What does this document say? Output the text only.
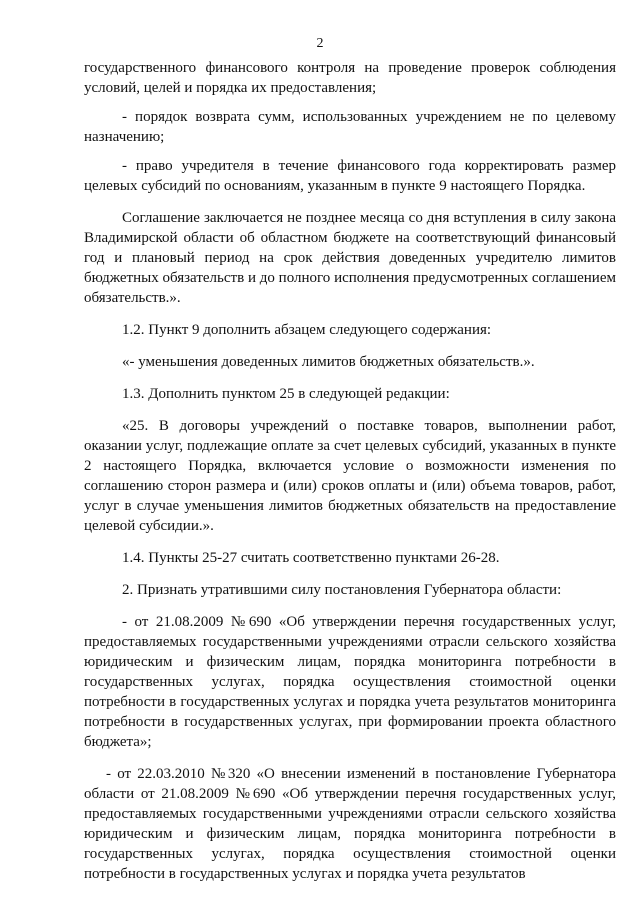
2

государственного финансового контроля на проведение проверок соблюдения условий, целей и порядка их предоставления;

- порядок возврата сумм, использованных учреждением не по целевому назначению;

- право учредителя в течение финансового года корректировать размер целевых субсидий по основаниям, указанным в пункте 9 настоящего Порядка.

Соглашение заключается не позднее месяца со дня вступления в силу закона Владимирской области об областном бюджете на соответствующий финансовый год и плановый период на срок действия доведенных учредителю лимитов бюджетных обязательств и до полного исполнения предусмотренных соглашением обязательств.».

1.2. Пункт 9 дополнить абзацем следующего содержания:

«- уменьшения доведенных лимитов бюджетных обязательств.».

1.3. Дополнить пунктом 25 в следующей редакции:

«25. В договоры учреждений о поставке товаров, выполнении работ, оказании услуг, подлежащие оплате за счет целевых субсидий, указанных в пункте 2 настоящего Порядка, включается условие о возможности изменения по соглашению сторон размера и (или) сроков оплаты и (или) объема товаров, работ, услуг в случае уменьшения лимитов бюджетных обязательств на предоставление целевой субсидии.».

1.4. Пункты 25-27 считать соответственно пунктами 26-28.

2. Признать утратившими силу постановления Губернатора области:

- от 21.08.2009 №690 «Об утверждении перечня государственных услуг, предоставляемых государственными учреждениями отрасли сельского хозяйства юридическим и физическим лицам, порядка мониторинга потребности в государственных услугах, порядка осуществления стоимостной оценки потребности в государственных услугах и порядка учета результатов мониторинга потребности в государственных услугах, при формировании проекта областного бюджета»;

- от 22.03.2010 №320 «О внесении изменений в постановление Губернатора области от 21.08.2009 №690 «Об утверждении перечня государственных услуг, предоставляемых государственными учреждениями отрасли сельского хозяйства юридическим и физическим лицам, порядка мониторинга потребности в государственных услугах, порядка осуществления стоимостной оценки потребности в государственных услугах и порядка учета результатов
